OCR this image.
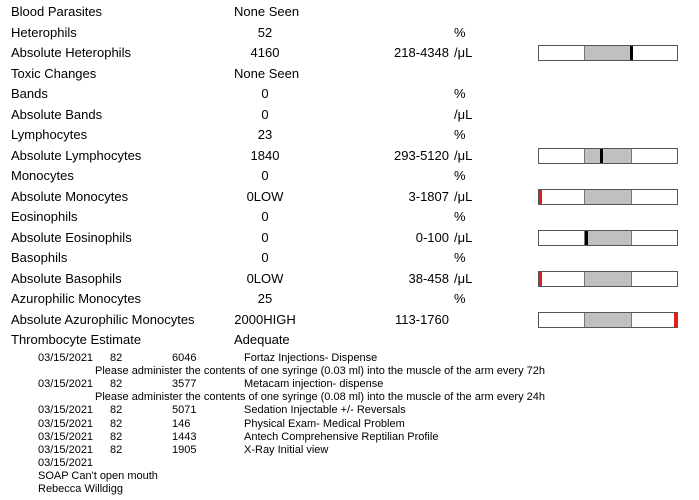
Blood Parasites	None Seen
Heterophils	52	%
Absolute Heterophils	4160	218-4348 /μL
Toxic Changes	None Seen
Bands	0	%
Absolute Bands	0	/μL
Lymphocytes	23	%
Absolute Lymphocytes	1840	293-5120 /μL
Monocytes	0	%
Absolute Monocytes	0LOW	3-1807 /μL
Eosinophils	0	%
Absolute Eosinophils	0	0-100 /μL
Basophils	0	%
Absolute Basophils	0LOW	38-458 /μL
Azurophilic Monocytes	25	%
Absolute Azurophilic Monocytes	2000HIGH	113-1760
Thrombocyte Estimate	Adequate
03/15/2021 82	6046	Fortaz Injections- Dispense
Please administer the contents of one syringe (0.03 ml) into the muscle of the arm every 72h
03/15/2021 82	3577	Metacam injection- dispense
Please administer the contents of one syringe (0.08 ml) into the muscle of the arm every 24h
03/15/2021 82	5071	Sedation Injectable +/- Reversals
03/15/2021 82	146	Physical Exam- Medical Problem
03/15/2021 82	1443	Antech Comprehensive Reptilian Profile
03/15/2021 82	1905	X-Ray Initial view
03/15/2021
SOAP Can't open mouth
Rebecca Willdigg
